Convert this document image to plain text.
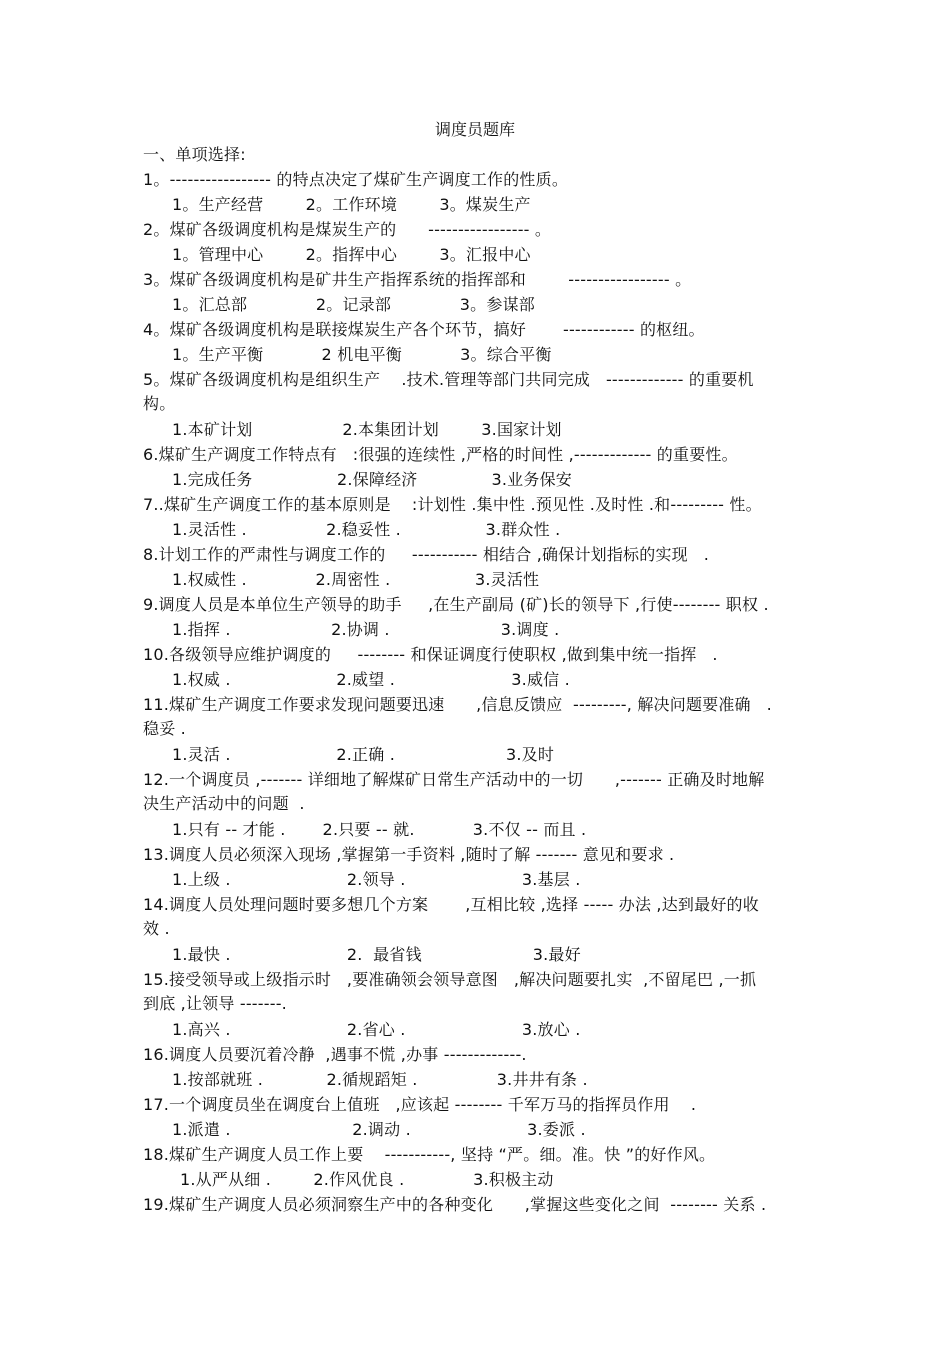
调度员题库
一、单项选择:
1。----------------- 的特点决定了煤矿生产调度工作的性质。
1。生产经营        2。工作环境        3。煤炭生产
2。煤矿各级调度机构是煤炭生产的      ----------------- 。
1。管理中心        2。指挥中心        3。汇报中心
3。煤矿各级调度机构是矿井生产指挥系统的指挥部和        ----------------- 。
1。汇总部             2。记录部             3。参谋部
4。煤矿各级调度机构是联接煤炭生产各个环节，搞好       ------------ 的枢纽。
1。生产平衡           2 机电平衡           3。综合平衡
5。煤矿各级调度机构是组织生产    .技术.管理等部门共同完成   ------------- 的重要机
构。
1.本矿计划                 2.本集团计划        3.国家计划
6.煤矿生产调度工作特点有   :很强的连续性 ,严格的时间性 ,------------- 的重要性。
1.完成任务                2.保障经济              3.业务保安
7..煤矿生产调度工作的基本原则是    :计划性 .集中性 .预见性 .及时性 .和--------- 性。
1.灵活性 .               2.稳妥性 .                3.群众性 .
8.计划工作的严肃性与调度工作的     ----------- 相结合 ,确保计划指标的实现   .
1.权威性 .             2.周密性 .                3.灵活性
9.调度人员是本单位生产领导的助手     ,在生产副局 (矿)长的领导下 ,行使-------- 职权 .
1.指挥 .                   2.协调 .                     3.调度 .
10.各级领导应维护调度的     -------- 和保证调度行使职权 ,做到集中统一指挥   .
1.权威 .                    2.威望 .                      3.威信 .
11.煤矿生产调度工作要求发现问题要迅速      ,信息反馈应  ---------, 解决问题要准确   .
稳妥 .
1.灵活 .                    2.正确 .                     3.及时
12.一个调度员 ,------- 详细地了解煤矿日常生产活动中的一切      ,------- 正确及时地解
决生产活动中的问题  .
1.只有 -- 才能 .       2.只要 -- 就.           3.不仅 -- 而且 .
13.调度人员必须深入现场 ,掌握第一手资料 ,随时了解 ------- 意见和要求 .
1.上级 .                      2.领导 .                      3.基层 .
14.调度人员处理问题时要多想几个方案       ,互相比较 ,选择 ----- 办法 ,达到最好的收
效 .
1.最快 .                      2.  最省钱                     3.最好
15.接受领导或上级指示时   ,要准确领会领导意图   ,解决问题要扎实  ,不留尾巴 ,一抓
到底 ,让领导 -------.
1.高兴 .                      2.省心 .                      3.放心 .
16.调度人员要沉着冷静  ,遇事不慌 ,办事 -------------.
1.按部就班 .            2.循规蹈矩 .               3.井井有条 .
17.一个调度员坐在调度台上值班   ,应该起 -------- 千军万马的指挥员作用    .
1.派遣 .                       2.调动 .                      3.委派 .
18.煤矿生产调度人员工作上要    -----------, 坚持 “严。细。准。快 ”的好作风。
1.从严从细 .        2.作风优良 .             3.积极主动
19.煤矿生产调度人员必须洞察生产中的各种变化      ,掌握这些变化之间  -------- 关系 .
